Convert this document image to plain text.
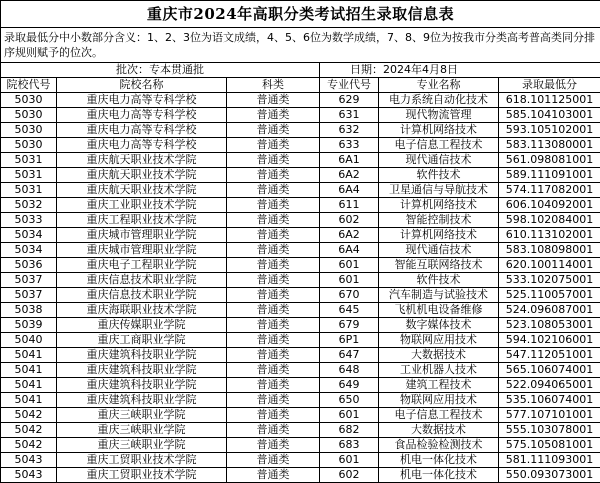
重庆市2024年高职分类考试招生录取信息表					
录取最低分中小数部分含义：1、2、3位为语文成绩，4、5、6位为数学成绩，7、8、9位为按我市分类高考普高类同分排序规则赋予的位次。					
批次：专本贯通批			日期：2024年4月8日		
院校代号	院校名称	科类	专业代号	专业名称	录取最低分
5030	重庆电力高等专科学校	普通类	629	电力系统自动化技术	618.101125001
5030	重庆电力高等专科学校	普通类	631	现代物流管理	585.104103001
5030	重庆电力高等专科学校	普通类	632	计算机网络技术	593.105102001
5030	重庆电力高等专科学校	普通类	633	电子信息工程技术	583.113080001
5031	重庆航天职业技术学院	普通类	6A1	现代通信技术	561.098081001
5031	重庆航天职业技术学院	普通类	6A2	软件技术	589.111091001
5031	重庆航天职业技术学院	普通类	6A4	卫星通信与导航技术	574.117082001
5032	重庆工业职业技术学院	普通类	611	计算机网络技术	606.104092001
5033	重庆工程职业技术学院	普通类	602	智能控制技术	598.102084001
5034	重庆城市管理职业学院	普通类	6A2	计算机网络技术	610.113102001
5034	重庆城市管理职业学院	普通类	6A4	现代通信技术	583.108098001
5036	重庆电子工程职业学院	普通类	601	智能互联网络技术	620.100114001
5037	重庆信息技术职业学院	普通类	601	软件技术	533.102075001
5037	重庆信息技术职业学院	普通类	670	汽车制造与试验技术	525.110057001
5038	重庆海联职业技术学院	普通类	645	飞机机电设备维修	524.096087001
5039	重庆传媒职业学院	普通类	679	数字媒体技术	523.108053001
5040	重庆工商职业学院	普通类	6P1	物联网应用技术	594.102106001
5041	重庆建筑科技职业学院	普通类	647	大数据技术	547.112051001
5041	重庆建筑科技职业学院	普通类	648	工业机器人技术	565.106074001
5041	重庆建筑科技职业学院	普通类	649	建筑工程技术	522.094065001
5041	重庆建筑科技职业学院	普通类	650	物联网应用技术	535.106074001
5042	重庆三峡职业学院	普通类	601	电子信息工程技术	577.107101001
5042	重庆三峡职业学院	普通类	682	大数据技术	555.103078001
5042	重庆三峡职业学院	普通类	683	食品检验检测技术	575.105081001
5043	重庆工贸职业技术学院	普通类	601	机电一体化技术	581.111093001
5043	重庆工贸职业技术学院	普通类	602	机电一体化技术	550.093073001
